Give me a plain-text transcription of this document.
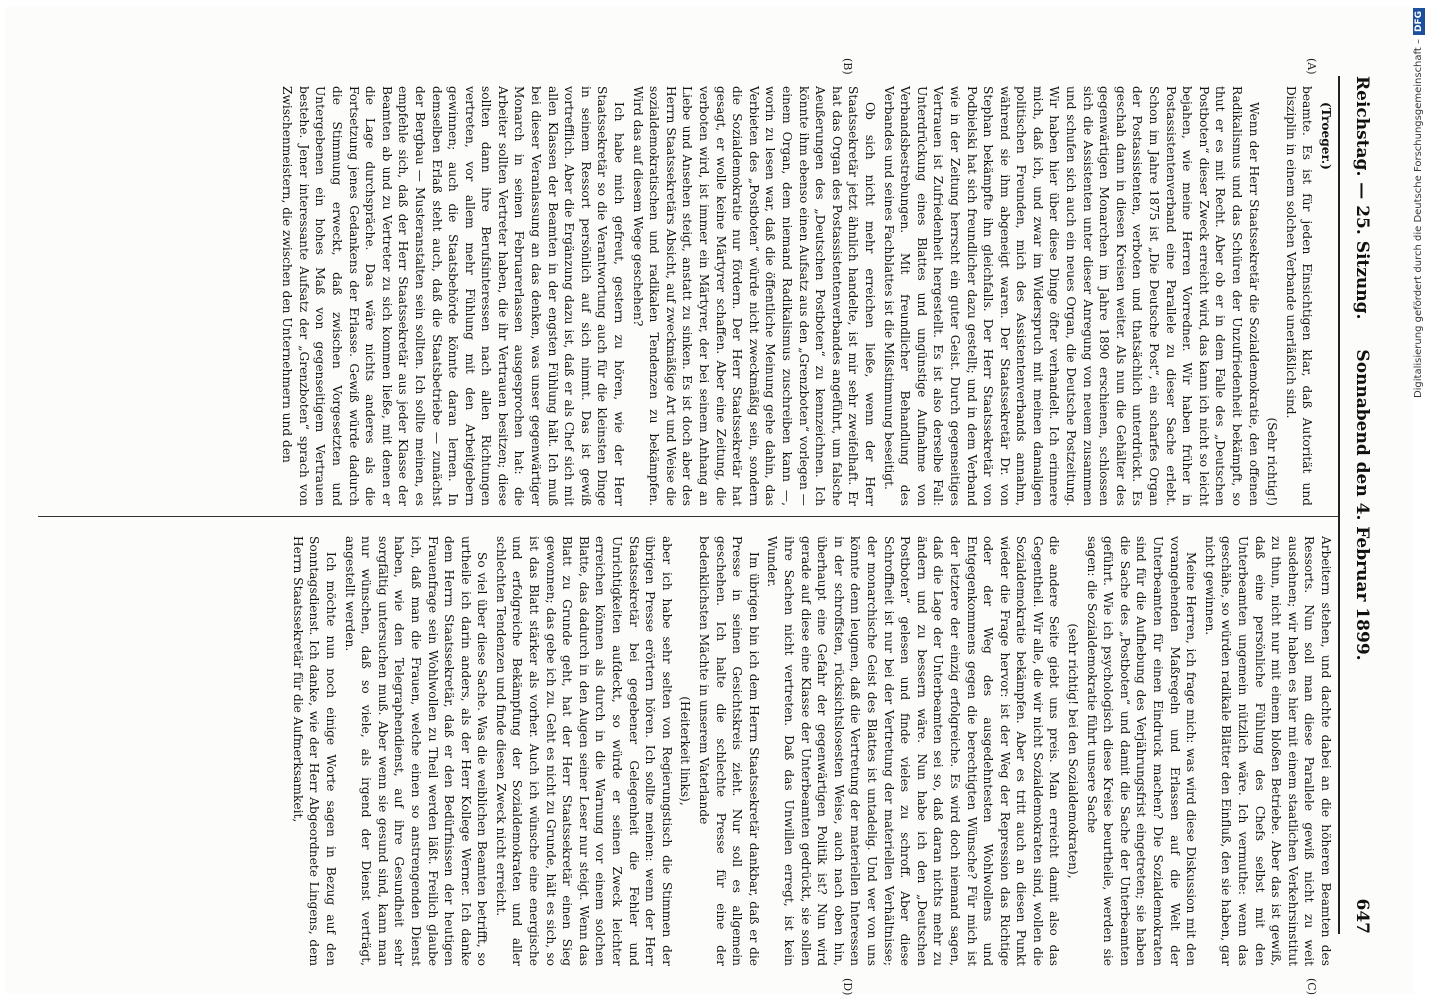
Reichstag. — 25. Sitzung.
Sonnabend den 4. Februar 1899.
647
(A)
(B)
(C)
(D)

(Troeger.)

beamte. Es ist für jeden Einsichtigen klar, daß Autorität und Disziplin in einem solchen Verbande unerläßlich sind.

(Sehr richtig!)

Wenn der Herr Staatssekretär die Sozialdemokratie, den offenen Radikalismus und das Schüren der Unzufriedenheit bekämpft, so thut er es mit Recht. Aber ob er in dem Falle des „Deutschen Postboten“ dieser Zweck erreicht wird, das kann ich nicht so leicht bejahen, wie meine Herren Vorredner. Wir haben früher in Postassistentenverband eine Parallele zu dieser Sache erlebt. Schon im Jahre 1875 ist „Die Deutsche Post“, ein scharfes Organ der Postassistenten, verboten und thatsächlich unterdrückt. Es geschah dann in diesen Kreisen weiter. Als nun die Gehälter des gegenwärtigen Monarchen im Jahre 1890 erschienen, schlossen sich die Assistenten unter dieser Anregung von neuem zusammen und schufen sich auch ein neues Organ, die Deutsche Postzeitung. Wir haben hier über diese Dinge öfter verhandelt. Ich erinnere mich, daß ich, und zwar im Widerspruch mit meinen damaligen politischen Freunden, mich des Assistentenverbands annahm, während sie ihm abgeneigt waren. Der Staatssekretär Dr. von Stephan bekämpfte ihn gleichfalls. Der Herr Staatssekretär von Podbielski hat sich freundlicher dazu gestellt; und in dem Verband wie in der Zeitung herrscht ein guter Geist. Durch gegenseitiges Vertrauen ist Zufriedenheit hergestellt. Es ist also derselbe Fall: Unterdrückung eines Blattes und ungünstige Aufnahme von Verbandsbestrebungen. Mit freundlicher Behandlung des Verbandes und seines Fachblattes ist die Mißstimmung beseitigt.

Ob sich nicht mehr erreichen ließe, wenn der Herr Staatssekretär jetzt ähnlich handelte, ist mir sehr zweifelhaft. Er hat das Organ des Postassistentenverbandes angeführt, um falsche Aeußerungen des „Deutschen Postboten“ zu kennzeichnen. Ich könnte ihm ebenso einen Aufsatz aus den „Grenzboten“ vorlegen — einem Organ, dem niemand Radikalismus zuschreiben kann —, worin zu lesen war, daß die öffentliche Meinung gehe dahin, das Verbieten des „Postboten“ würde nicht zweckmäßig sein, sondern die Sozialdemokratie nur fördern. Der Herr Staatssekretär hat gesagt, er wolle keine Märtyrer schaffen. Aber eine Zeitung, die verboten wird, ist immer ein Märtyrer, der bei seinem Anhang an Liebe und Ansehen steigt, anstatt zu sinken. Es ist doch aber des Herrn Staatssekretärs Absicht, auf zweckmäßige Art und Weise die sozialdemokratischen und radikalen Tendenzen zu bekämpfen. Wird das auf diesem Wege geschehen?

Ich habe mich gefreut, gestern zu hören, wie der Herr Staatssekretär so die Verantwortung auch für die kleinsten Dinge in seinem Ressort persönlich auf sich nimmt. Das ist gewiß vortrefflich. Aber die Ergänzung dazu ist, daß er als Chef sich mit allen Klassen der Beamten in der engsten Fühlung hält. Ich muß bei dieser Veranlassung an das denken, was unser gegenwärtiger Monarch in seinen Februarerlassen ausgesprochen hat: die Arbeiter sollten Vertreter haben, die ihr Vertrauen besitzen; diese sollten dann ihre Berufsinteressen nach allen Richtungen vertreten, vor allem mehr Fühlung mit den Arbeitgebern gewinnen; auch die Staatsbehörde könnte daran lernen. In demselben Erlaß steht auch, daß die Staatsbetriebe — zunächst der Bergbau — Musteranstalten sein sollten. Ich sollte meinen, es empfehle sich, daß der Herr Staatssekretär aus jeder Klasse der Beamten ab und zu Vertreter zu sich kommen ließe, mit denen er die Lage durchspräche. Das wäre nichts anderes als die Fortsetzung jenes Gedankens der Erlasse. Gewiß würde dadurch die Stimmung erweckt, daß zwischen Vorgesetzten und Untergebenen ein hohes Maß von gegenseitigem Vertrauen bestehe. Jener interessante Aufsatz der „Grenzboten“ sprach von Zwischenmeistern, die zwischen den Unternehmern und den

Arbeitern stehen, und dachte dabei an die höheren Beamten des Ressorts. Nun soll man diese Parallele gewiß nicht zu weit ausdehnen; wir haben es hier mit einem staatlichen Verkehrsinstitut zu thun, nicht nur mit einem bloßen Betriebe. Aber das ist gewiß, daß eine persönliche Fühlung des Chefs selbst mit den Unterbeamten ungemein nützlich wäre. Ich vermuthe: wenn das geschähe, so würden radikale Blätter den Einfluß, den sie haben, gar nicht gewinnen.

Meine Herren, ich frage mich: was wird diese Diskussion mit den vorangehenden Maßregeln und Erlassen auf die Welt der Unterbeamten für einen Eindruck machen? Die Sozialdemokraten sind für die Aufhebung des Verjährungsfrist eingetreten; sie haben die Sache des „Postboten“ und damit die Sache der Unterbeamten geführt. Wie ich psychologisch diese Kreise beurtheile, werden sie sagen: die Sozialdemokratie führt unsere Sache

(sehr richtig! bei den Sozialdemokraten),

die andere Seite giebt uns preis. Man erreicht damit also das Gegentheil. Wir alle, die wir nicht Sozialdemokraten sind, wollen die Sozialdemokratie bekämpfen. Aber es tritt auch an diesen Punkt wieder die Frage hervor: ist der Weg der Repression das Richtige oder der Weg des ausgedehntesten Wohlwollens und Entgegenkommens gegen die berechtigten Wünsche? Für mich ist der letztere der einzig erfolgreiche. Es wird doch niemand sagen, daß die Lage der Unterbeamten sei so, daß daran nichts mehr zu ändern und zu bessern wäre. Nun habe ich den „Deutschen Postboten“ gelesen und finde vieles zu schroff. Aber diese Schroffheit ist nur bei der Vertretung der materiellen Verhältnisse; der monarchische Geist des Blattes ist untadelig. Und wer von uns könnte denn leugnen, daß die Vertretung der materiellen Interessen in der schroffsten, rücksichtslosesten Weise, auch nach oben hin, überhaupt eine Gefahr der gegenwärtigen Politik ist? Nun wird gerade auf diese eine Klasse der Unterbeamten gedrückt, sie sollen ihre Sachen nicht vertreten. Daß das Unwillen erregt, ist kein Wunder.

Im übrigen bin ich dem Herrn Staatssekretär dankbar, daß er die Presse in seinen Gesichtskreis zieht. Nur soll es allgemein geschehen. Ich halte die schlechte Presse für eine der bedenklichsten Mächte in unserem Vaterlande

(Heiterkeit links),

aber ich habe sehr selten von Regierungstisch die Stimmen der übrigen Presse erörtern hören. Ich sollte meinen: wenn der Herr Staatssekretär bei gegebener Gelegenheit die Fehler und Unrichtigkeiten aufdeckt, so würde er seinen Zweck leichter erreichen können als durch in die Warnung vor einem solchen Blatte, das dadurch in den Augen seiner Leser nur steigt. Wenn das Blatt zu Grunde geht, hat der Herr Staatssekretär einen Sieg gewonnen; das gebe ich zu. Geht es nicht zu Grunde, hält es sich, so ist das Blatt stärker als vorher. Auch ich wünsche eine energische und erfolgreiche Bekämpfung der Sozialdemokraten und aller schlechten Tendenzen und finde diesen Zweck nicht erreicht.

So viel über diese Sache. Was die weiblichen Beamten betrifft, so urtheile ich darin anders, als der Herr Kollege Werner. Ich danke dem Herrn Staatssekretär, daß er den Bedürfnissen der heutigen Frauenfrage sein Wohlwollen zu Theil werden läßt. Freilich glaube ich, daß man die Frauen, welche einen so anstrengenden Dienst haben, wie den Telegraphendienst, auf ihre Gesundheit sehr sorgfältig untersuchen muß. Aber wenn sie gesund sind, kann man nur wünschen, daß so viele, als irgend der Dienst verträgt, angestellt werden.

Ich möchte nun noch einige Worte sagen in Bezug auf den Sonntagsdienst. Ich danke, wie der Herr Abgeordnete Lingens, dem Herrn Staatssekretär für die Aufmerksamkeit,

Digitalisierung gefördert durch die Deutsche Forschungsgemeinschaft –DFG
